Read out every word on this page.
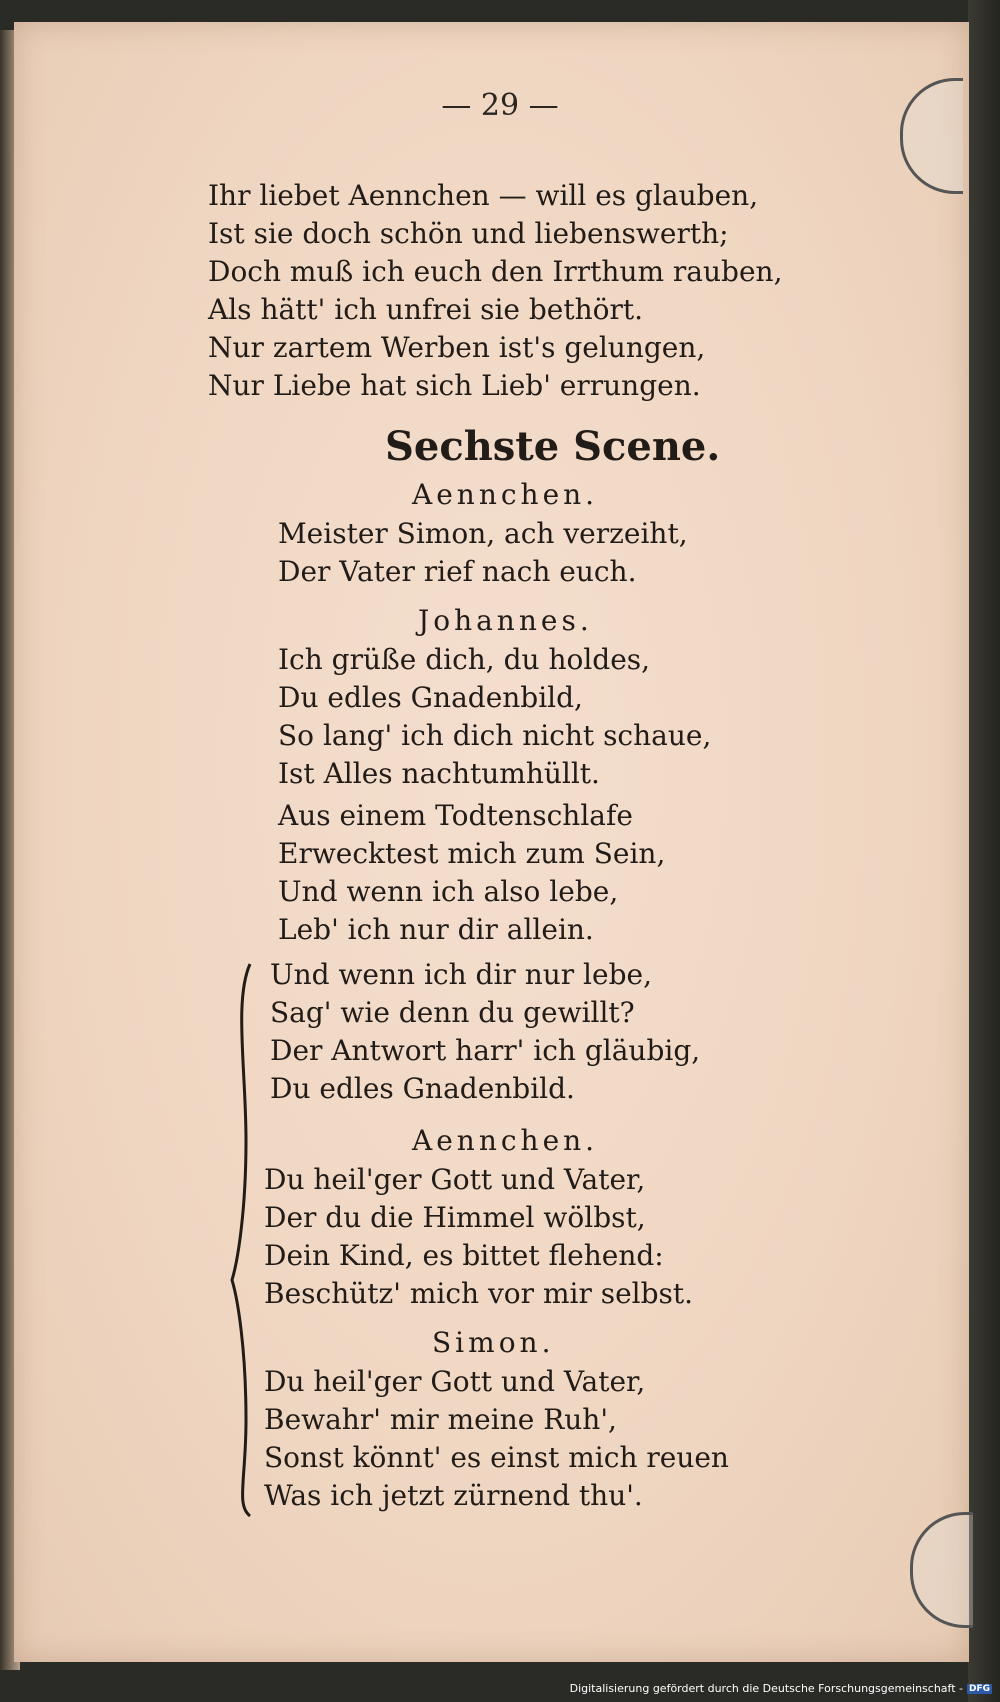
— 29 —
Ihr liebet Aennchen — will es glauben,
Ist sie doch schön und liebenswerth;
Doch muß ich euch den Irrthum rauben,
Als hätt' ich unfrei sie bethört.
Nur zartem Werben ist's gelungen,
Nur Liebe hat sich Lieb' errungen.
Sechste Scene.
Aennchen.
Meister Simon, ach verzeiht,
Der Vater rief nach euch.
Johannes.
Ich grüße dich, du holdes,
Du edles Gnadenbild,
So lang' ich dich nicht schaue,
Ist Alles nachtumhüllt.
Aus einem Todtenschlafe
Erwecktest mich zum Sein,
Und wenn ich also lebe,
Leb' ich nur dir allein.
Und wenn ich dir nur lebe,
Sag' wie denn du gewillt?
Der Antwort harr' ich gläubig,
Du edles Gnadenbild.
Aennchen.
Du heil'ger Gott und Vater,
Der du die Himmel wölbst,
Dein Kind, es bittet flehend:
Beschütz' mich vor mir selbst.
Simon.
Du heil'ger Gott und Vater,
Bewahr' mir meine Ruh',
Sonst könnt' es einst mich reuen
Was ich jetzt zürnend thu'.
Digitalisierung gefördert durch die Deutsche Forschungsgemeinschaft - DFG
